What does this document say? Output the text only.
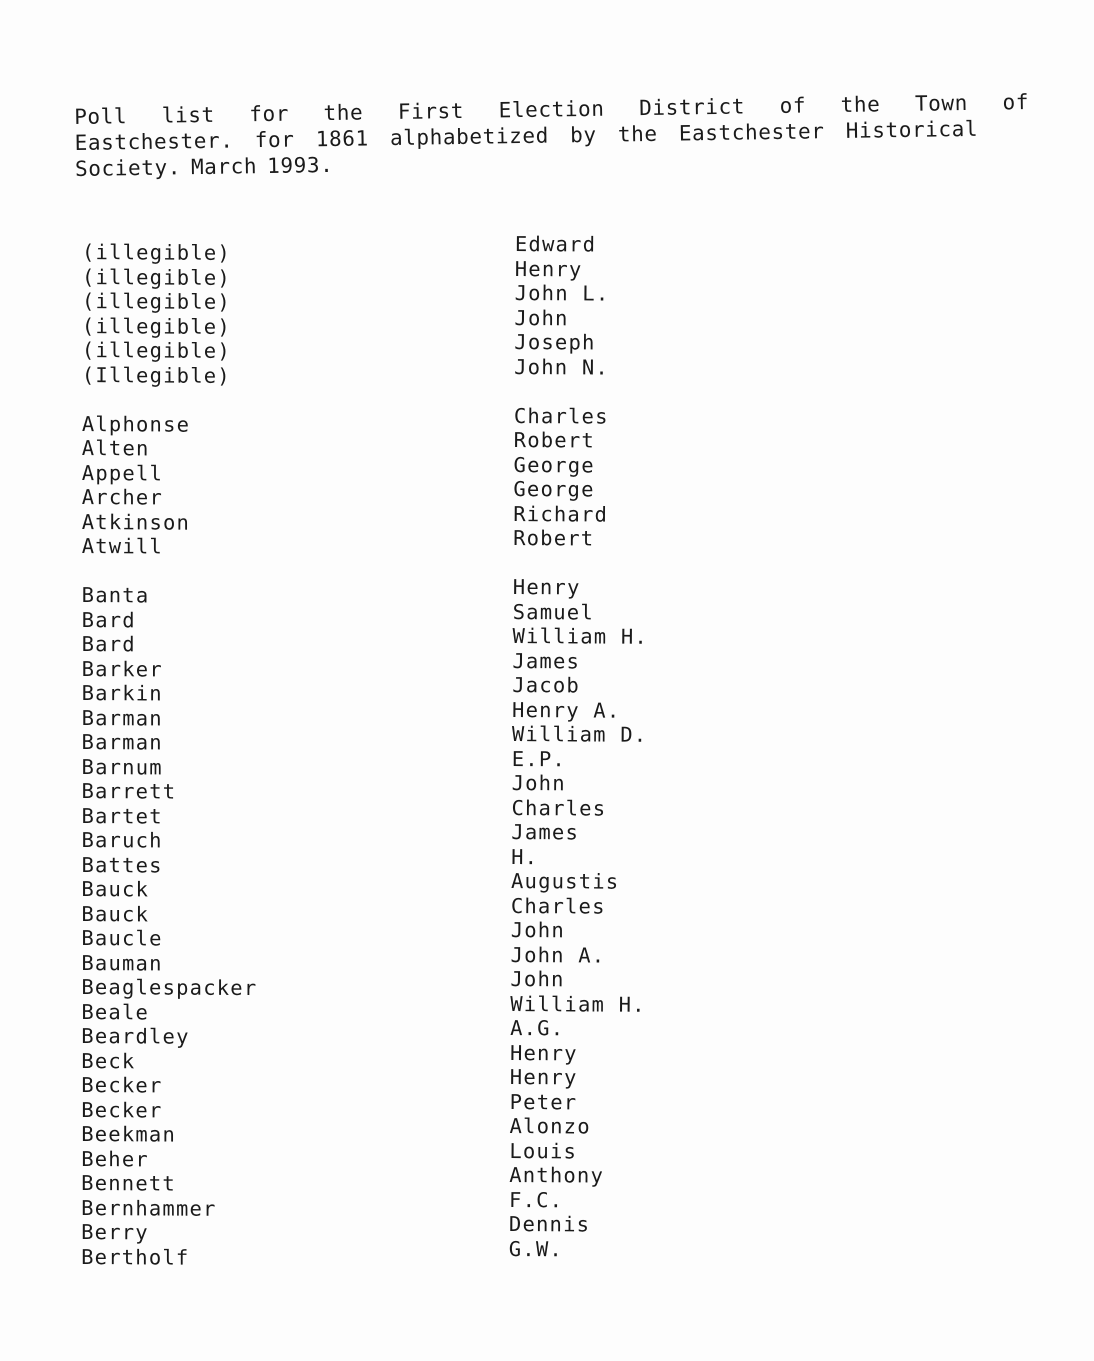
Poll list for the First Election District of the Town of
Eastchester. for 1861 alphabetized by the Eastchester Historical
Society. March 1993.
(illegible)
(illegible)
(illegible)
(illegible)
(illegible)
(Illegible)
Alphonse
Alten
Appell
Archer
Atkinson
Atwill
Banta
Bard
Bard
Barker
Barkin
Barman
Barman
Barnum
Barrett
Bartet
Baruch
Battes
Bauck
Bauck
Baucle
Bauman
Beaglespacker
Beale
Beardley
Beck
Becker
Becker
Beekman
Beher
Bennett
Bernhammer
Berry
Bertholf
Edward
Henry
John L.
John
Joseph
John N.
Charles
Robert
George
George
Richard
Robert
Henry
Samuel
William H.
James
Jacob
Henry A.
William D.
E.P.
John
Charles
James
H.
Augustis
Charles
John
John A.
John
William H.
A.G.
Henry
Henry
Peter
Alonzo
Louis
Anthony
F.C.
Dennis
G.W.
